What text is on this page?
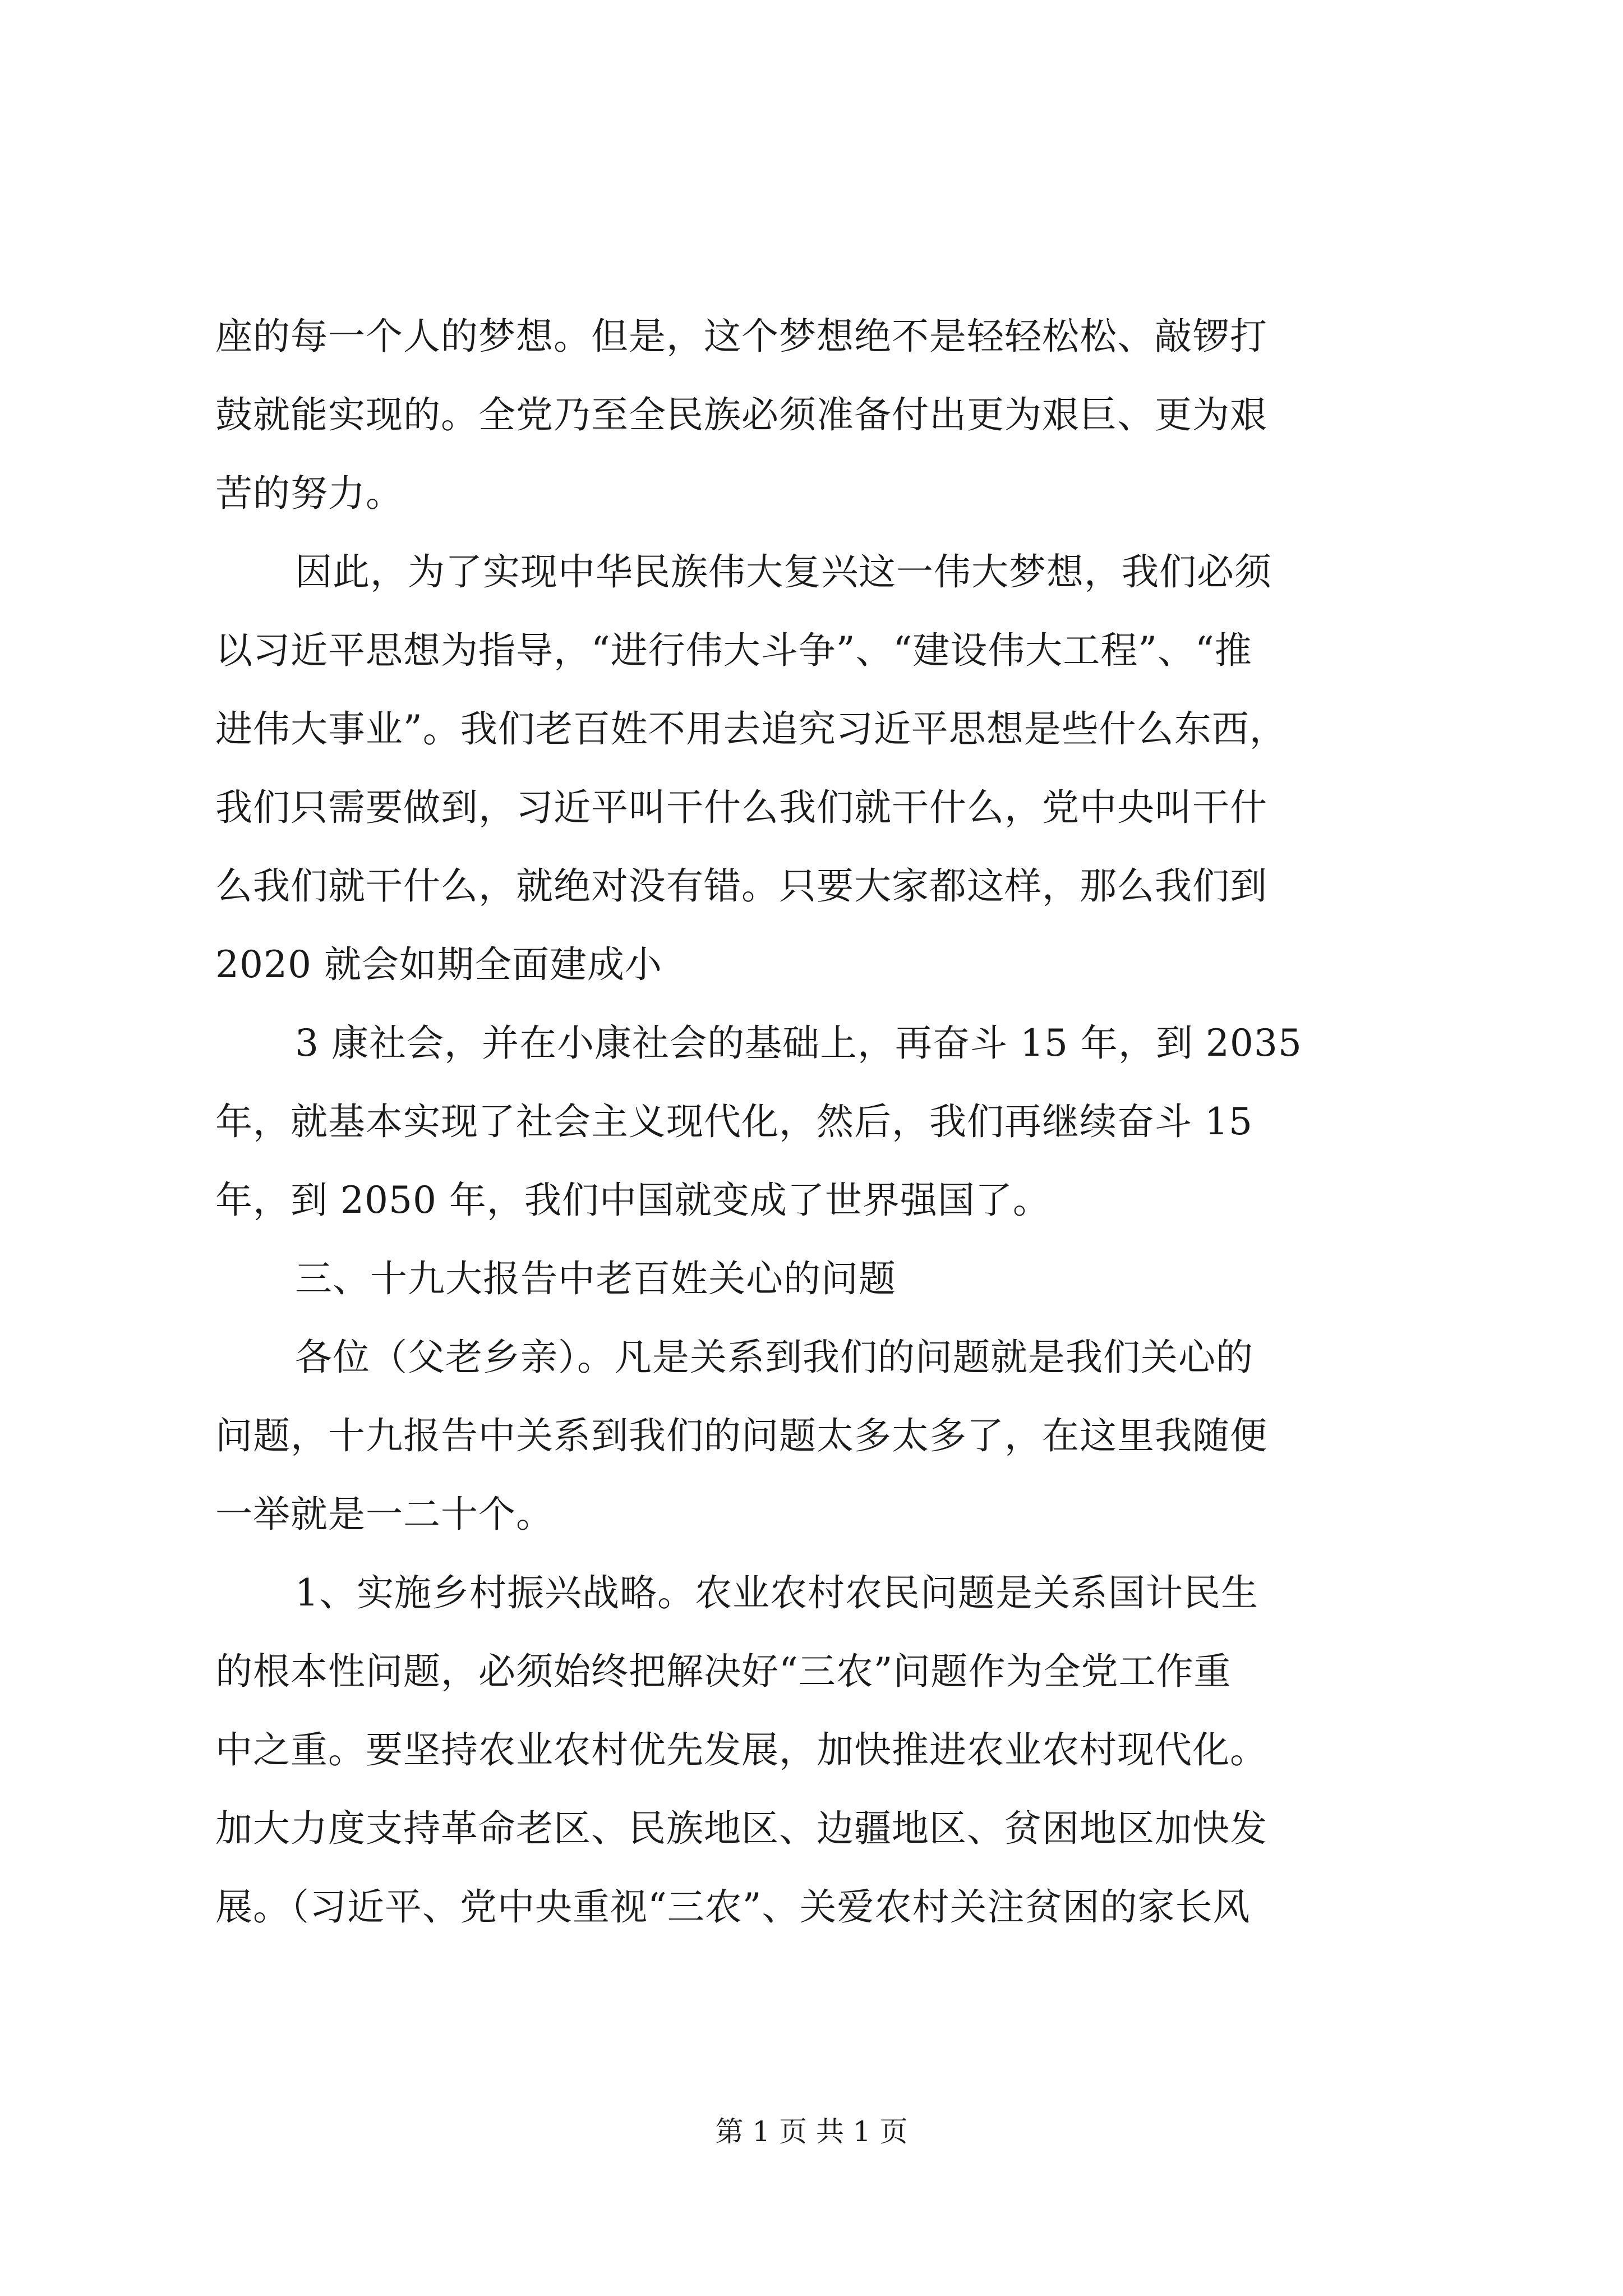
座的每一个人的梦想。但是，这个梦想绝不是轻轻松松、敲锣打
鼓就能实现的。全党乃至全民族必须准备付出更为艰巨、更为艰
苦的努力。
因此，为了实现中华民族伟大复兴这一伟大梦想，我们必须
以习近平思想为指导，“进行伟大斗争”、“建设伟大工程”、“推
进伟大事业”。我们老百姓不用去追究习近平思想是些什么东西，
我们只需要做到，习近平叫干什么我们就干什么，党中央叫干什
么我们就干什么，就绝对没有错。只要大家都这样，那么我们到
2020 就会如期全面建成小
3 康社会，并在小康社会的基础上，再奋斗 15 年，到 2035
年，就基本实现了社会主义现代化，然后，我们再继续奋斗 15
年，到 2050 年，我们中国就变成了世界强国了。
三、十九大报告中老百姓关心的问题
各位（父老乡亲）。凡是关系到我们的问题就是我们关心的
问题，十九报告中关系到我们的问题太多太多了，在这里我随便
一举就是一二十个。
1、实施乡村振兴战略。农业农村农民问题是关系国计民生
的根本性问题，必须始终把解决好“三农”问题作为全党工作重
中之重。要坚持农业农村优先发展，加快推进农业农村现代化。
加大力度支持革命老区、民族地区、边疆地区、贫困地区加快发
展。（习近平、党中央重视“三农”、关爱农村关注贫困的家长风
第 1 页 共 1 页
